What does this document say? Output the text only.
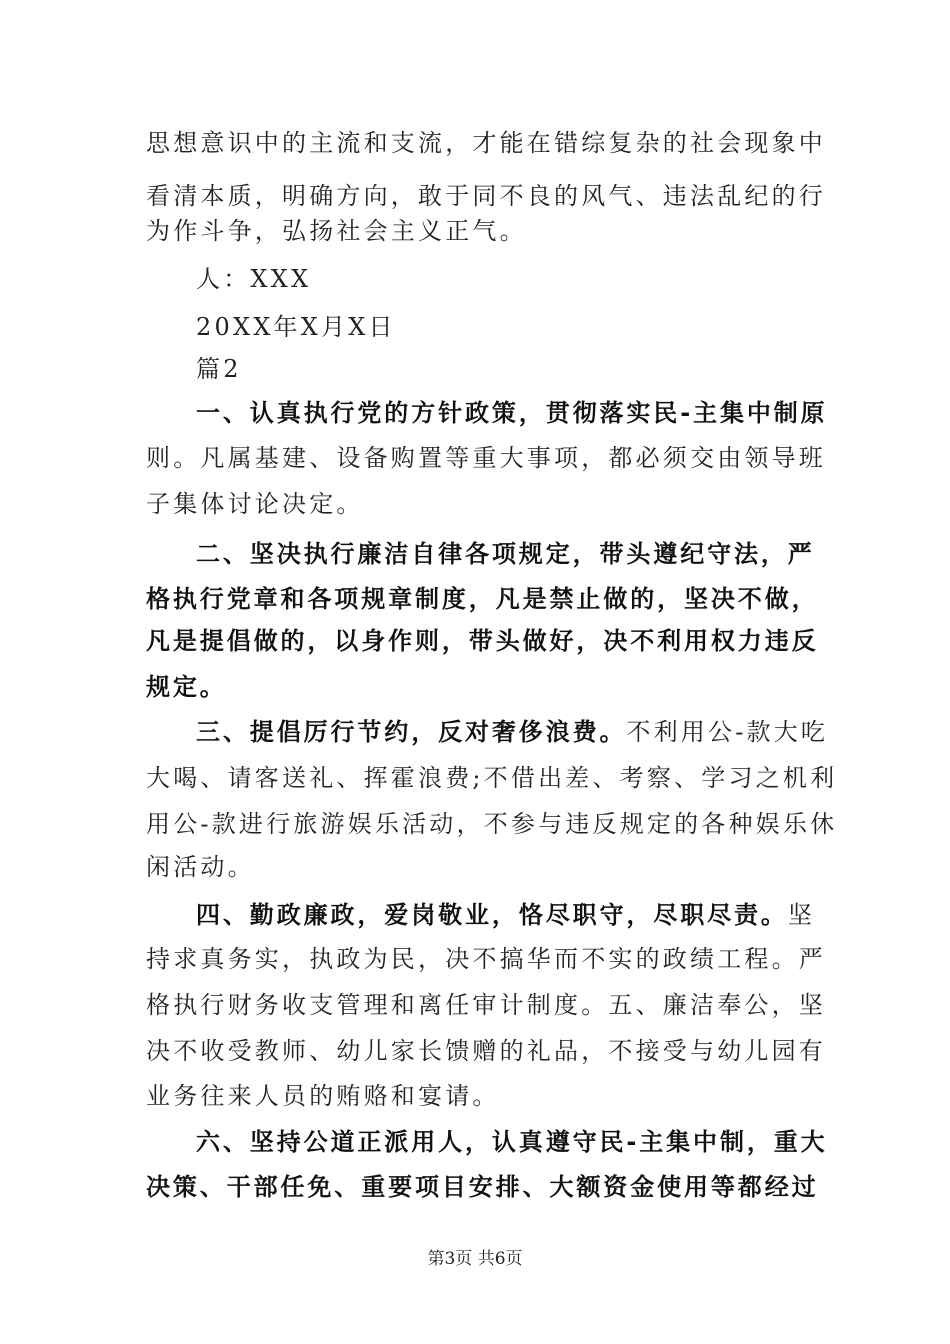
思想意识中的主流和支流，才能在错综复杂的社会现象中
看清本质，明确方向，敢于同不良的风气、违法乱纪的行
为作斗争，弘扬社会主义正气。
人：XXX
20XX年X月X日
篇2
一、认真执行党的方针政策，贯彻落实民-主集中制原
则。凡属基建、设备购置等重大事项，都必须交由领导班
子集体讨论决定。
二、坚决执行廉洁自律各项规定，带头遵纪守法，严
格执行党章和各项规章制度，凡是禁止做的，坚决不做，
凡是提倡做的，以身作则，带头做好，决不利用权力违反
规定。
三、提倡厉行节约，反对奢侈浪费。不利用公-款大吃
大喝、请客送礼、挥霍浪费;不借出差、考察、学习之机利
用公-款进行旅游娱乐活动，不参与违反规定的各种娱乐休
闲活动。
四、勤政廉政，爱岗敬业，恪尽职守，尽职尽责。坚
持求真务实，执政为民，决不搞华而不实的政绩工程。严
格执行财务收支管理和离任审计制度。五、廉洁奉公，坚
决不收受教师、幼儿家长馈赠的礼品，不接受与幼儿园有
业务往来人员的贿赂和宴请。
六、坚持公道正派用人，认真遵守民-主集中制，重大
决策、干部任免、重要项目安排、大额资金使用等都经过
第3页 共6页
